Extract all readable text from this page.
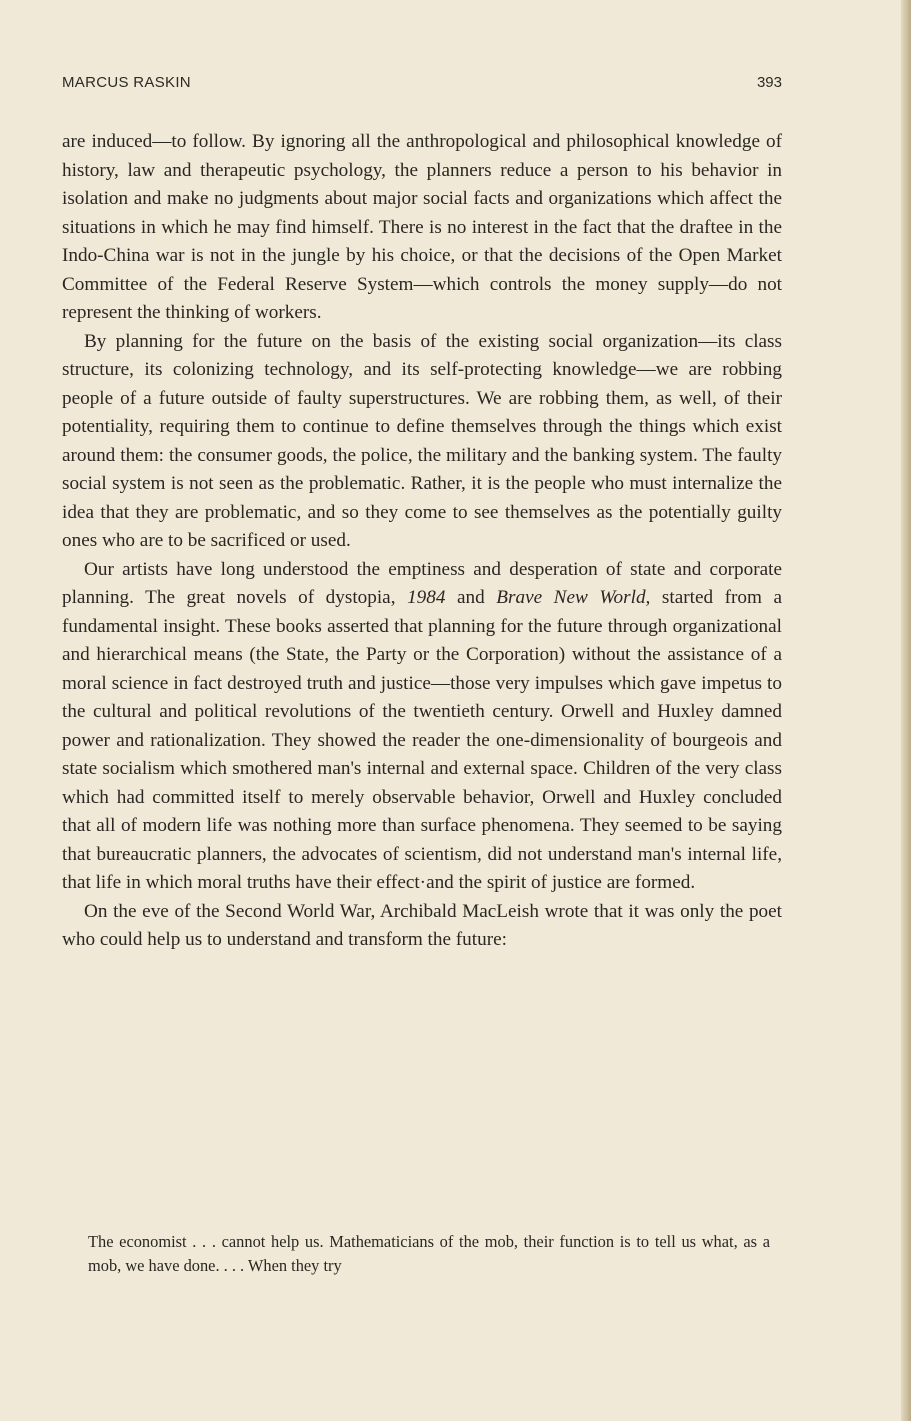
MARCUS RASKIN	393

are induced—to follow. By ignoring all the anthropological and philosophical knowledge of history, law and therapeutic psychology, the planners reduce a person to his behavior in isolation and make no judgments about major social facts and organizations which affect the situations in which he may find himself. There is no interest in the fact that the draftee in the Indo-China war is not in the jungle by his choice, or that the decisions of the Open Market Committee of the Federal Reserve System—which controls the money supply—do not represent the thinking of workers.

By planning for the future on the basis of the existing social organization—its class structure, its colonizing technology, and its self-protecting knowledge—we are robbing people of a future outside of faulty superstructures. We are robbing them, as well, of their potentiality, requiring them to continue to define themselves through the things which exist around them: the consumer goods, the police, the military and the banking system. The faulty social system is not seen as the problematic. Rather, it is the people who must internalize the idea that they are problematic, and so they come to see themselves as the potentially guilty ones who are to be sacrificed or used.

Our artists have long understood the emptiness and desperation of state and corporate planning. The great novels of dystopia, 1984 and Brave New World, started from a fundamental insight. These books asserted that planning for the future through organizational and hierarchical means (the State, the Party or the Corporation) without the assistance of a moral science in fact destroyed truth and justice—those very impulses which gave impetus to the cultural and political revolutions of the twentieth century. Orwell and Huxley damned power and rationalization. They showed the reader the one-dimensionality of bourgeois and state socialism which smothered man's internal and external space. Children of the very class which had committed itself to merely observable behavior, Orwell and Huxley concluded that all of modern life was nothing more than surface phenomena. They seemed to be saying that bureaucratic planners, the advocates of scientism, did not understand man's internal life, that life in which moral truths have their effect·and the spirit of justice are formed.

On the eve of the Second World War, Archibald MacLeish wrote that it was only the poet who could help us to understand and transform the future:

The economist . . . cannot help us. Mathematicians of the mob, their function is to tell us what, as a mob, we have done. . . . When they try
